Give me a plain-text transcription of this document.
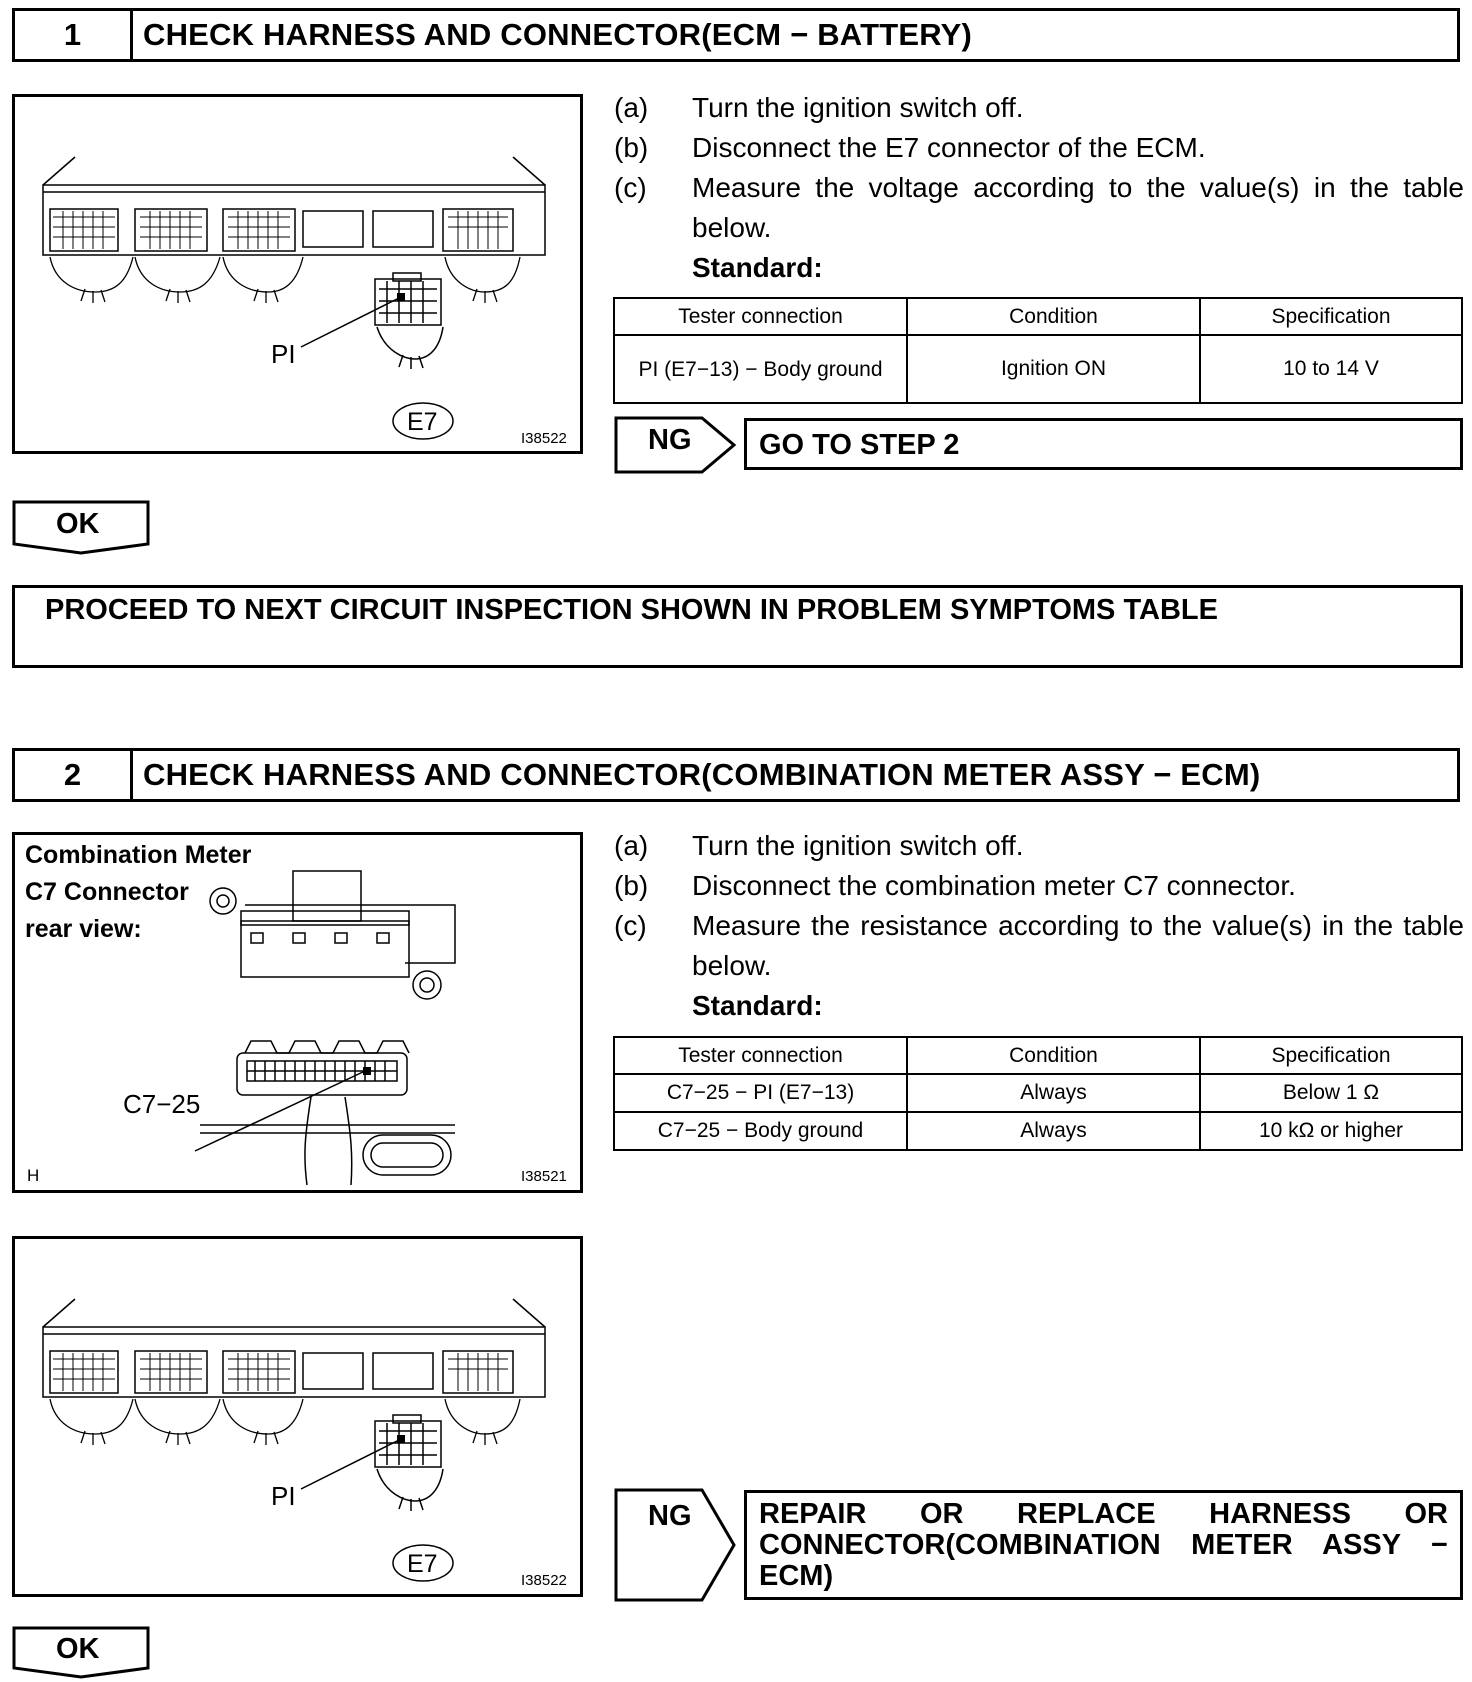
1	CHECK HARNESS AND CONNECTOR(ECM − BATTERY)
PI
E7
I38522
(a) Turn the ignition switch off.
(b) Disconnect the E7 connector of the ECM.
(c) Measure the voltage according to the value(s) in the table below.
Standard:
Tester connection	Condition	Specification
PI (E7−13) − Body ground	Ignition ON	10 to 14 V
NG GO TO STEP 2
OK
PROCEED TO NEXT CIRCUIT INSPECTION SHOWN IN PROBLEM SYMPTOMS TABLE
2	CHECK HARNESS AND CONNECTOR(COMBINATION METER ASSY − ECM)
Combination Meter
C7 Connector
rear view:
C7−25
H	I38521
(a) Turn the ignition switch off.
(b) Disconnect the combination meter C7 connector.
(c) Measure the resistance according to the value(s) in the table below.
Standard:
Tester connection	Condition	Specification
C7−25 − PI (E7−13)	Always	Below 1 Ω
C7−25 − Body ground	Always	10 kΩ or higher
PI
E7
I38522
NG REPAIR OR REPLACE HARNESS OR CONNECTOR(COMBINATION METER ASSY − ECM)
OK
